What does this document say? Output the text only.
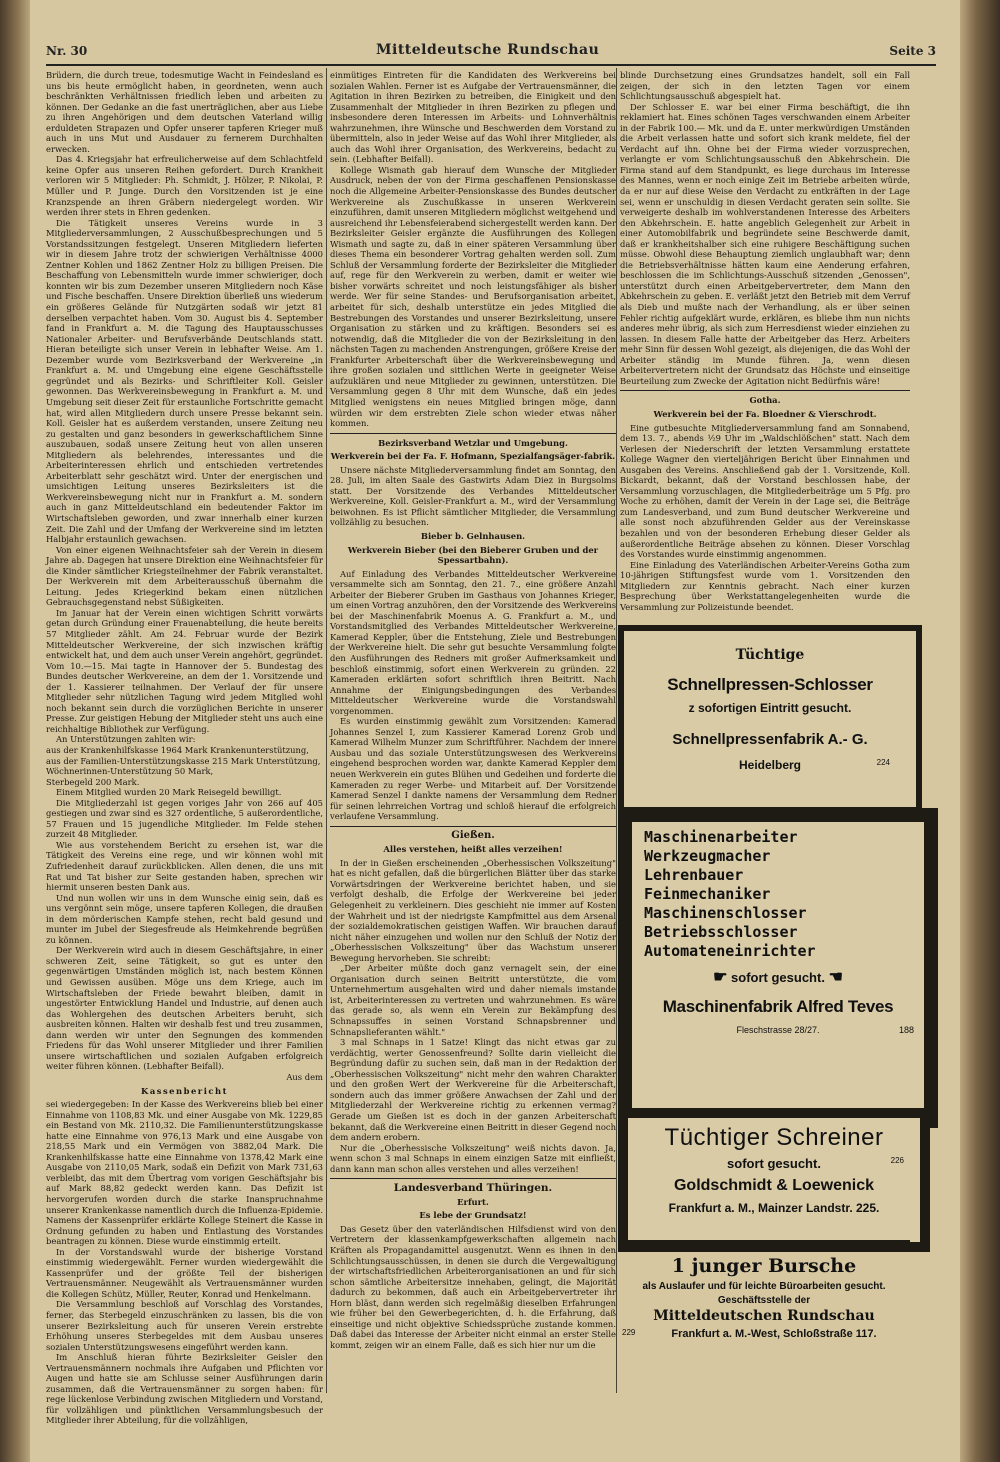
Nr. 30	Mitteldeutsche Rundschau	Seite 3

Brüdern, die durch treue, todesmutige Wacht in Feindesland es uns bis heute ermöglicht haben, in geordneten, wenn auch beschränkten Verhältnissen friedlich leben und arbeiten zu können. Der Gedanke an die fast unerträglichen, aber aus Liebe zu ihren Angehörigen und dem deutschen Vaterland willig erduldeten Strapazen und Opfer unserer tapferen Krieger muß auch in uns Mut und Ausdauer zu fernerem Durchhalten erwecken.

Das 4. Kriegsjahr hat erfreulicherweise auf dem Schlachtfeld keine Opfer aus unseren Reihen gefordert. Durch Krankheit verloren wir 5 Mitglieder: Ph. Schmidt, J. Hölzer, P. Nikolai, P. Müller und P. Junge. Durch den Vorsitzenden ist je eine Kranzspende an ihren Gräbern niedergelegt worden. Wir werden ihrer stets in Ehren gedenken.

Die Tätigkeit unseres Vereins wurde in 3 Mitgliederversammlungen, 2 Ausschußbesprechungen und 5 Vorstandssitzungen festgelegt. Unseren Mitgliedern lieferten wir in diesem Jahre trotz der schwierigen Verhältnisse 4000 Zentner Kohlen und 1862 Zentner Holz zu billigen Preisen. Die Beschaffung von Lebensmitteln wurde immer schwieriger, doch konnten wir bis zum Dezember unseren Mitgliedern noch Käse und Fische beschaffen. Unsere Direktion überließ uns wiederum ein größeres Gelände für Nutzgärten sodaß wir jetzt 81 derselben verpachtet haben. Vom 30. August bis 4. September fand in Frankfurt a. M. die Tagung des Hauptausschusses Nationaler Arbeiter- und Berufsverbände Deutschlands statt. Hieran beteiligte sich unser Verein in lebhafter Weise. Am 1. Dezember wurde vom Bezirksverband der Werkvereine „in Frankfurt a. M. und Umgebung eine eigene Geschäftsstelle gegründet und als Bezirks- und Schriftleiter Koll. Geisler gewonnen. Das Werkvereinsbewegung in Frankfurt a. M. und Umgebung seit dieser Zeit für erstaunliche Fortschritte gemacht hat, wird allen Mitgliedern durch unsere Presse bekannt sein. Koll. Geisler hat es außerdem verstanden, unsere Zeitung neu zu gestalten und ganz besonders in gewerkschaftlichem Sinne auszubauen, sodaß unsere Zeitung heut von allen unseren Mitgliedern als belehrendes, interessantes und die Arbeiterinteressen ehrlich und entschieden vertretendes Arbeiterblatt sehr geschätzt wird. Unter der energischen und umsichtigen Leitung unseres Bezirksleiters ist die Werkvereinsbewegung nicht nur in Frankfurt a. M. sondern auch in ganz Mitteldeutschland ein bedeutender Faktor im Wirtschaftsleben geworden, und zwar innerhalb einer kurzen Zeit. Die Zahl und der Umfang der Werkvereine sind im letzten Halbjahr erstaunlich gewachsen.

Von einer eigenen Weihnachtsfeier sah der Verein in diesem Jahre ab. Dagegen hat unsere Direktion eine Weihnachtsfeier für die Kinder sämtlicher Kriegsteilnehmer der Fabrik veranstaltet. Der Werkverein mit dem Arbeiterausschuß übernahm die Leitung. Jedes Kriegerkind bekam einen nützlichen Gebrauchsgegenstand nebst Süßigkeiten.

Im Januar hat der Verein einen wichtigen Schritt vorwärts getan durch Gründung einer Frauenabteilung, die heute bereits 57 Mitglieder zählt. Am 24. Februar wurde der Bezirk Mitteldeutscher Werkvereine, der sich inzwischen kräftig entwickelt hat, und dem auch unser Verein angehört, gegründet. Vom 10.—15. Mai tagte in Hannover der 5. Bundestag des Bundes deutscher Werkvereine, an dem der 1. Vorsitzende und der 1. Kassierer teilnahmen. Der Verlauf der für unsere Mitglieder sehr nützlichen Tagung wird jedem Mitglied wohl noch bekannt sein durch die vorzüglichen Berichte in unserer Presse. Zur geistigen Hebung der Mitglieder steht uns auch eine reichhaltige Bibliothek zur Verfügung.

An Unterstützungen zahlten wir:
aus der Krankenhilfskasse 1964 Mark Krankenunterstützung,
aus der Familien-Unterstützungskasse 215 Mark Unterstützung,
Wöchnerinnen-Unterstützung 50 Mark,
Sterbegeld 200 Mark.

Einem Mitglied wurden 20 Mark Reisegeld bewilligt.

Die Mitgliederzahl ist gegen voriges Jahr von 266 auf 405 gestiegen und zwar sind es 327 ordentliche, 5 außerordentliche, 57 Frauen und 15 jugendliche Mitglieder. Im Felde stehen zurzeit 48 Mitglieder.

Wie aus vorstehendem Bericht zu ersehen ist, war die Tätigkeit des Vereins eine rege, und wir können wohl mit Zufriedenheit darauf zurückblicken. Allen denen, die uns mit Rat und Tat bisher zur Seite gestanden haben, sprechen wir hiermit unseren besten Dank aus.

Und nun wollen wir uns in dem Wunsche einig sein, daß es uns vergönnt sein möge, unsere tapferen Kollegen, die draußen in dem mörderischen Kampfe stehen, recht bald gesund und munter im Jubel der Siegesfreude als Heimkehrende begrüßen zu können.

Der Werkverein wird auch in diesem Geschäftsjahre, in einer schweren Zeit, seine Tätigkeit, so gut es unter den gegenwärtigen Umständen möglich ist, nach bestem Können und Gewissen ausüben. Möge uns dem Kriege, auch im Wirtschaftsleben der Friede bewahrt bleiben, damit in ungestörter Entwicklung Handel und Industrie, auf denen auch das Wohlergehen des deutschen Arbeiters beruht, sich ausbreiten können. Halten wir deshalb fest und treu zusammen, dann werden wir unter den Segnungen des kommenden Friedens für das Wohl unserer Mitglieder und ihrer Familien unsere wirtschaftlichen und sozialen Aufgaben erfolgreich weiter führen können. (Lebhafter Beifall).

Aus dem

Kassenbericht

sei wiedergegeben: In der Kasse des Werkvereins blieb bei einer Einnahme von 1108,83 Mk. und einer Ausgabe von Mk. 1229,85 ein Bestand von Mk. 2110,32. Die Familienunterstützungskasse hatte eine Einnahme von 976,13 Mark und eine Ausgabe von 218,55 Mark und ein Vermögen von 3882,04 Mark. Die Krankenhilfskasse hatte eine Einnahme von 1378,42 Mark eine Ausgabe von 2110,05 Mark, sodaß ein Defizit von Mark 731,63 verbleibt, das mit dem Übertrag vom vorigen Geschäftsjahr bis auf Mark 88,82 gedeckt werden kann. Das Defizit ist hervorgerufen worden durch die starke Inanspruchnahme unserer Krankenkasse namentlich durch die Influenza-Epidemie. Namens der Kassenprüfer erklärte Kollege Steinert die Kasse in Ordnung gefunden zu haben und Entlastung des Vorstandes beantragen zu können. Diese wurde einstimmig erteilt.

In der Vorstandswahl wurde der bisherige Vorstand einstimmig wiedergewählt. Ferner wurden wiedergewählt die Kassenprüfer und der größte Teil der bisherigen Vertrauensmänner. Neugewählt als Vertrauensmänner wurden die Kollegen Schütz, Müller, Reuter, Konrad und Henkelmann.

Die Versammlung beschloß auf Vorschlag des Vorstandes, ferner, das Sterbegeld einzuschränken zu lassen, bis die von unserer Bezirksleitung auch für unseren Verein erstrebte Erhöhung unseres Sterbegeldes mit dem Ausbau unseres sozialen Unterstützungswesens eingeführt werden kann.

Im Anschluß hieran führte Bezirksleiter Geisler den Vertrauensmännern nochmals ihre Aufgaben und Pflichten vor Augen und hatte sie am Schlusse seiner Ausführungen darin zusammen, daß die Vertrauensmänner zu sorgen haben: für rege lückenlose Verbindung zwischen Mitgliedern und Vorstand, für vollzähligen und pünktlichen Versammlungsbesuch der Mitglieder ihrer Abteilung, für die vollzähligen,

einmütiges Eintreten für die Kandidaten des Werkvereins bei sozialen Wahlen. Ferner ist es Aufgabe der Vertrauensmänner, die Agitation in ihren Bezirken zu betreiben, die Einigkeit und den Zusammenhalt der Mitglieder in ihren Bezirken zu pflegen und insbesondere deren Interessen im Arbeits- und Lohnverhältnis wahrzunehmen, ihre Wünsche und Beschwerden dem Vorstand zu übermitteln, also in jeder Weise auf das Wohl ihrer Mitglieder, als auch das Wohl ihrer Organisation, des Werkvereins, bedacht zu sein. (Lebhafter Beifall).

Kollege Wismath gab hierauf dem Wunsche der Mitglieder Ausdruck, neben der von der Firma geschaffenen Pensionskasse noch die Allgemeine Arbeiter-Pensionskasse des Bundes deutscher Werkvereine als Zuschußkasse in unseren Werkverein einzuführen, damit unseren Mitgliedern möglichst weitgehend und ausreichend ihr Lebensfeierabend sichergestellt werden kann. Der Bezirksleiter Geisler ergänzte die Ausführungen des Kollegen Wismath und sagte zu, daß in einer späteren Versammlung über dieses Thema ein besonderer Vortrag gehalten werden soll. Zum Schluß der Versammlung forderte der Bezirksleiter die Mitglieder auf, rege für den Werkverein zu werben, damit er weiter wie bisher vorwärts schreitet und noch leistungsfähiger als bisher werde. Wer für seine Standes- und Berufsorganisation arbeitet, arbeitet für sich, deshalb unterstütze ein jedes Mitglied die Bestrebungen des Vorstandes und unserer Bezirksleitung, unsere Organisation zu stärken und zu kräftigen. Besonders sei es notwendig, daß die Mitglieder die von der Bezirksleitung in den nächsten Tagen zu machenden Anstrengungen, größere Kreise der Frankfurter Arbeiterschaft über die Werkvereinsbewegung und ihre großen sozialen und sittlichen Werte in geeigneter Weise aufzuklären und neue Mitglieder zu gewinnen, unterstützen. Die Versammlung gegen 8 Uhr mit dem Wunsche, daß ein jedes Mitglied wenigstens ein neues Mitglied bringen möge, dann würden wir dem erstrebten Ziele schon wieder etwas näher kommen.

Bezirksverband Wetzlar und Umgebung.

Werkverein bei der Fa. F. Hofmann, Spezialfangsäger-fabrik.

Unsere nächste Mitgliederversammlung findet am Sonntag, den 28. Juli, im alten Saale des Gastwirts Adam Diez in Burgsolms statt. Der Vorsitzende des Verbandes Mitteldeutscher Werkvereine, Koll. Geisler-Frankfurt a. M., wird der Versammlung beiwohnen. Es ist Pflicht sämtlicher Mitglieder, die Versammlung vollzählig zu besuchen.

Bieber b. Gelnhausen.

Werkverein Bieber (bei den Bieberer Gruben und der Spessartbahn).

Auf Einladung des Verbandes Mitteldeutscher Werkvereine versammelte sich am Sonntag, den 21. 7., eine größere Anzahl Arbeiter der Bieberer Gruben im Gasthaus von Johannes Krieger, um einen Vortrag anzuhören, den der Vorsitzende des Werkvereins bei der Maschinenfabrik Moenus A. G. Frankfurt a. M., und Vorstandsmitglied des Verbandes Mitteldeutscher Werkvereine, Kamerad Keppler, über die Entstehung, Ziele und Bestrebungen der Werkvereine hielt. Die sehr gut besuchte Versammlung folgte den Ausführungen des Redners mit großer Aufmerksamkeit und beschloß einstimmig, sofort einen Werkverein zu gründen. 22 Kameraden erklärten sofort schriftlich ihren Beitritt. Nach Annahme der Einigungsbedingungen des Verbandes Mitteldeutscher Werkvereine wurde die Vorstandswahl vorgenommen.

Es wurden einstimmig gewählt zum Vorsitzenden: Kamerad Johannes Senzel I, zum Kassierer Kamerad Lorenz Grob und Kamerad Wilhelm Munzer zum Schriftführer. Nachdem der innere Ausbau und das soziale Unterstützungswesen des Werkvereins eingehend besprochen worden war, dankte Kamerad Keppler dem neuen Werkverein ein gutes Blühen und Gedeihen und forderte die Kameraden zu reger Werbe- und Mitarbeit auf. Der Vorsitzende Kamerad Senzel I dankte namens der Versammlung dem Redner für seinen lehrreichen Vortrag und schloß hierauf die erfolgreich verlaufene Versammlung.

Gießen.

Alles verstehen, heißt alles verzeihen!

In der in Gießen erscheinenden „Oberhessischen Volkszeitung" hat es nicht gefallen, daß die bürgerlichen Blätter über das starke Vorwärtsdringen der Werkvereine berichtet haben, und sie verfolgt deshalb, die Erfolge der Werkvereine bei jeder Gelegenheit zu verkleinern. Dies geschieht nie immer auf Kosten der Wahrheit und ist der niedrigste Kampfmittel aus dem Arsenal der sozialdemokratischen geistigen Waffen. Wir brauchen darauf nicht näher einzugehen und wollen nur den Schluß der Notiz der „Oberhessischen Volkszeitung" über das Wachstum unserer Bewegung hervorheben. Sie schreibt:

„Der Arbeiter müßte doch ganz vernagelt sein, der eine Organisation durch seinen Beitritt unterstützte, die vom Unternehmertum ausgehalten wird und daher niemals imstande ist, Arbeiterinteressen zu vertreten und wahrzunehmen. Es wäre das gerade so, als wenn ein Verein zur Bekämpfung des Schnapssuffes in seinen Vorstand Schnapsbrenner und Schnapslieferanten wählt."

3 mal Schnaps in 1 Satze! Klingt das nicht etwas gar zu verdächtig, werter Genossenfreund? Sollte darin vielleicht die Begründung dafür zu suchen sein, daß man in der Redaktion der „Oberhessischen Volkszeitung" nicht mehr den wahren Charakter und den großen Wert der Werkvereine für die Arbeiterschaft, sondern auch das immer größere Anwachsen der Zahl und der Mitgliederzahl der Werkvereine richtig zu erkennen vermag? Gerade um Gießen ist es doch in der ganzen Arbeiterschaft bekannt, daß die Werkvereine einen Beitritt in dieser Gegend noch dem andern erobern.

Nur die „Oberhessische Volkszeitung" weiß nichts davon. Ja, wenn schon 3 mal Schnaps in einem einzigen Satze mit einfließt, dann kann man schon alles verstehen und alles verzeihen!

Landesverband Thüringen.

Erfurt.

Es lebe der Grundsatz!

Das Gesetz über den vaterländischen Hilfsdienst wird von den Vertretern der klassenkampfgewerkschaften allgemein nach Kräften als Propagandamittel ausgenutzt. Wenn es ihnen in den Schlichtungsausschüssen, in denen sie durch die Vergewaltigung der wirtschaftsfriedlichen Arbeiterorganisationen an und für sich schon sämtliche Arbeitersitze innehaben, gelingt, die Majorität dadurch zu bekommen, daß auch ein Arbeitgebervertreter ihr Horn bläst, dann werden sich regelmäßig dieselben Erfahrungen wie früher bei den Gewerbegerichten, d. h. die Erfahrung, daß einseitige und nicht objektive Schiedssprüche zustande kommen. Daß dabei das Interesse der Arbeiter nicht einmal an erster Stelle kommt, zeigen wir an einem Falle, daß es sich hier nur um die

blinde Durchsetzung eines Grundsatzes handelt, soll ein Fall zeigen, der sich in den letzten Tagen vor einem Schlichtungsausschuß abgespielt hat.

Der Schlosser E. war bei einer Firma beschäftigt, die ihn reklamiert hat. Eines schönen Tages verschwanden einem Arbeiter in der Fabrik 100.— Mk. und da E. unter merkwürdigen Umständen die Arbeit verlassen hatte und sofort sich krank meldete, fiel der Verdacht auf ihn. Ohne bei der Firma wieder vorzusprechen, verlangte er vom Schlichtungsausschuß den Abkehrschein. Die Firma stand auf dem Standpunkt, es liege durchaus im Interesse des Mannes, wenn er noch einige Zeit im Betriebe arbeiten würde, da er nur auf diese Weise den Verdacht zu entkräften in der Lage sei, wenn er unschuldig in diesen Verdacht geraten sein sollte. Sie verweigerte deshalb im wohlverstandenen Interesse des Arbeiters den Abkehrschein. E. hatte angeblich Gelegenheit zur Arbeit in einer Automobilfabrik und begründete seine Beschwerde damit, daß er krankheitshalber sich eine ruhigere Beschäftigung suchen müsse. Obwohl diese Behauptung ziemlich unglaubhaft war; denn die Betriebsverhältnisse hätten kaum eine Aenderung erfahren, beschlossen die im Schlichtungs-Ausschuß sitzenden „Genossen", unterstützt durch einen Arbeitgebervertreter, dem Mann den Abkehrschein zu geben. E. verläßt jetzt den Betrieb mit dem Verruf als Dieb und mußte nach der Verhandlung, als er über seinen Fehler richtig aufgeklärt wurde, erklären, es bliebe ihm nun nichts anderes mehr übrig, als sich zum Herresdienst wieder einziehen zu lassen. In diesem Falle hatte der Arbeitgeber das Herz. Arbeiters mehr Sinn für dessen Wohl gezeigt, als diejenigen, die das Wohl der Arbeiter ständig im Munde führen. Ja, wenn diesen Arbeitervertretern nicht der Grundsatz das Höchste und einseitige Beurteilung zum Zwecke der Agitation nicht Bedürfnis wäre!

Gotha.

Werkverein bei der Fa. Bloedner & Vierschrodt.

Eine gutbesuchte Mitgliederversammlung fand am Sonnabend, dem 13. 7., abends ½9 Uhr im „Waldschlößchen" statt. Nach dem Verlesen der Niederschrift der letzten Versammlung erstattete Kollege Wagner den vierteljährigen Bericht über Einnahmen und Ausgaben des Vereins. Anschließend gab der 1. Vorsitzende, Koll. Bickardt, bekannt, daß der Vorstand beschlossen habe, der Versammlung vorzuschlagen, die Mitgliederbeiträge um 5 Pfg. pro Woche zu erhöhen, damit der Verein in der Lage sei, die Beiträge zum Landesverband, und zum Bund deutscher Werkvereine und alle sonst noch abzuführenden Gelder aus der Vereinskasse bezahlen und von der besonderen Erhebung dieser Gelder als außerordentliche Beiträge absehen zu können. Dieser Vorschlag des Vorstandes wurde einstimmig angenommen.

Eine Einladung des Vaterländischen Arbeiter-Vereins Gotha zum 10-jährigen Stiftungsfest wurde vom 1. Vorsitzenden den Mitgliedern zur Kenntnis gebracht. Nach einer kurzen Besprechung über Werkstattangelegenheiten wurde die Versammlung zur Polizeistunde beendet.

Tüchtige
Schnellpressen-Schlosser
z sofortigen Eintritt gesucht.
Schnellpressenfabrik A.- G.
Heidelberg	224
Maschinenarbeiter
Werkzeugmacher
Lehrenbauer
Feinmechaniker
Maschinenschlosser
Betriebsschlosser
Automateneinrichter
☛ sofort gesucht. ☚
Maschinenfabrik Alfred Teves
Fleschstrasse 28/27.	188
Tüchtiger Schreiner
sofort gesucht.	226
Goldschmidt & Loewenick
Frankfurt a. M., Mainzer Landstr. 225.
1 junger Bursche
als Auslaufer und für leichte Büroarbeiten gesucht.
Geschäftsstelle der
Mitteldeutschen Rundschau
229	Frankfurt a. M.-West, Schloßstraße 117.
